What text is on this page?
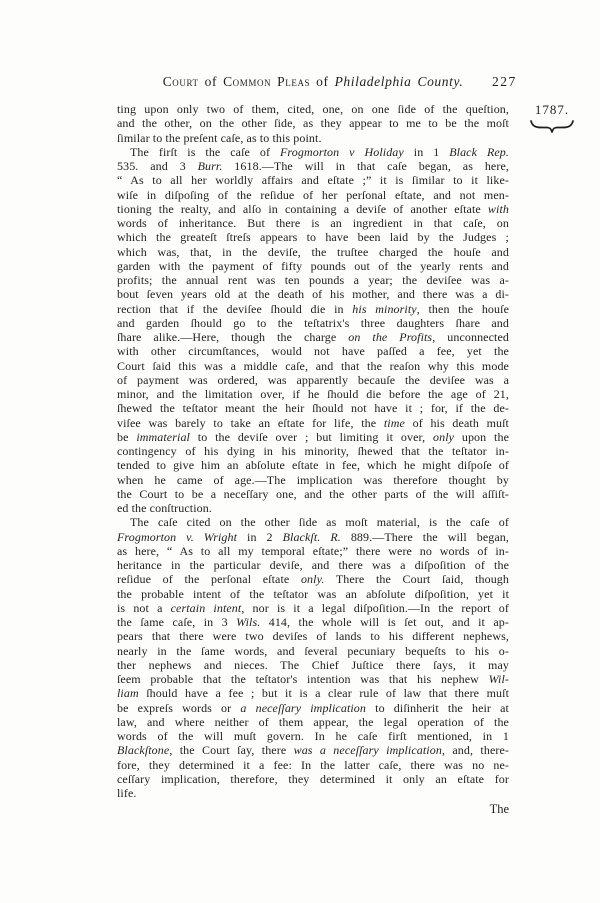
Court of Common Pleas of Philadelphia County.	227
1787.
ting upon only two of them, cited, one, on one ſide of the queſtion,
and the other, on the other ſide, as they appear to me to be the moſt
ſimilar to the preſent caſe, as to this point.
The firſt is the caſe of Frogmorton v Holiday in 1 Black Rep.
535. and 3 Burr. 1618.—The will in that caſe began, as here,
“ As to all her worldly affairs and eſtate ;” it is ſimilar to it like-
wiſe in diſpoſing of the reſidue of her perſonal eſtate, and not men-
tioning the realty, and alſo in containing a deviſe of another eſtate with
words of inheritance. But there is an ingredient in that caſe, on
which the greateſt ſtreſs appears to have been laid by the Judges ;
which was, that, in the deviſe, the truſtee charged the houſe and
garden with the payment of fifty pounds out of the yearly rents and
profits; the annual rent was ten pounds a year; the deviſee was a-
bout ſeven years old at the death of his mother, and there was a di-
rection that if the deviſee ſhould die in his minority, then the houſe
and garden ſhould go to the teſtatrix's three daughters ſhare and
ſhare alike.—Here, though the charge on the Profits, unconnected
with other circumſtances, would not have paſſed a fee, yet the
Court ſaid this was a middle caſe, and that the reaſon why this mode
of payment was ordered, was apparently becauſe the deviſee was a
minor, and the limitation over, if he ſhould die before the age of 21,
ſhewed the teſtator meant the heir ſhould not have it ; for, if the de-
viſee was barely to take an eſtate for life, the time of his death muſt
be immaterial to the deviſe over ; but limiting it over, only upon the
contingency of his dying in his minority, ſhewed that the teſtator in-
tended to give him an abſolute eſtate in fee, which he might diſpoſe of
when he came of age.—The implication was therefore thought by
the Court to be a neceſſary one, and the other parts of the will aſſiſt-
ed the conſtruction.
The caſe cited on the other ſide as moſt material, is the caſe of
Frogmorton v. Wright in 2 Blackſt. R. 889.—There the will began,
as here, “ As to all my temporal eſtate;” there were no words of in-
heritance in the particular deviſe, and there was a diſpoſition of the
reſidue of the perſonal eſtate only. There the Court ſaid, though
the probable intent of the teſtator was an abſolute diſpoſition, yet it
is not a certain intent, nor is it a legal diſpoſition.—In the report of
the ſame caſe, in 3 Wils. 414, the whole will is ſet out, and it ap-
pears that there were two deviſes of lands to his different nephews,
nearly in the ſame words, and ſeveral pecuniary bequeſts to his o-
ther nephews and nieces. The Chief Juſtice there ſays, it may
ſeem probable that the teſtator's intention was that his nephew Wil-
liam ſhould have a fee ; but it is a clear rule of law that there muſt
be expreſs words or a neceſſary implication to diſinherit the heir at
law, and where neither of them appear, the legal operation of the
words of the will muſt govern. In he caſe firſt mentioned, in 1
Blackſtone, the Court ſay, there was a neceſſary implication, and, there-
fore, they determined it a fee: In the latter caſe, there was no ne-
ceſſary implication, therefore, they determined it only an eſtate for
life.
The
